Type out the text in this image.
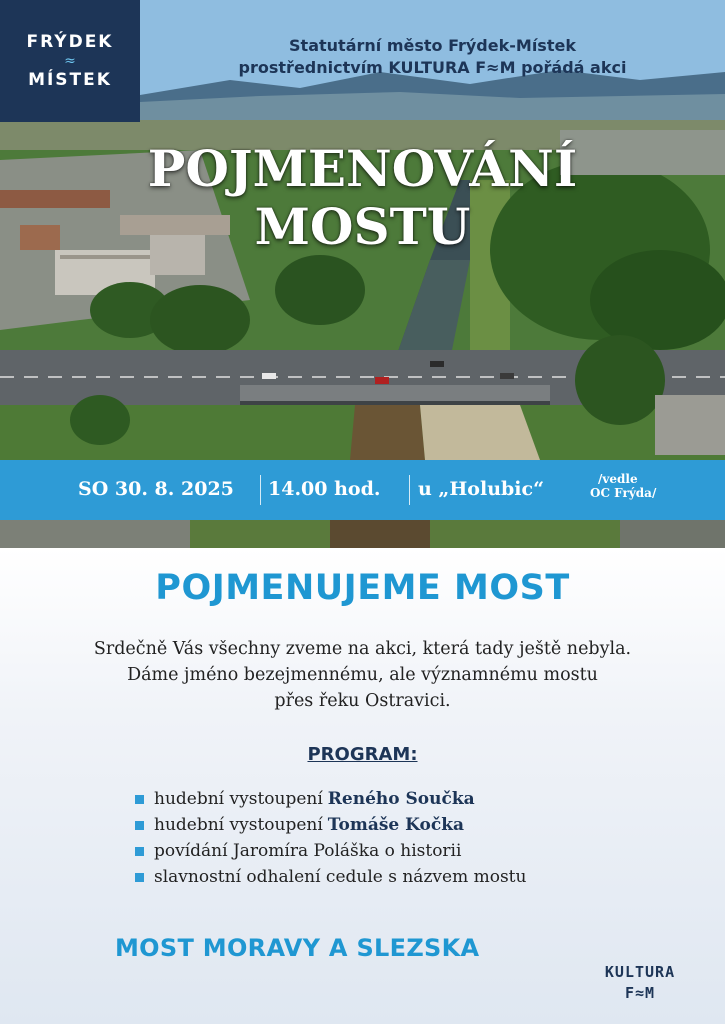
FRÝDEK
≈
MÍSTEK
Statutární město Frýdek-Místek
prostřednictvím KULTURA F≈M pořádá akci
POJMENOVÁNÍ
MOSTU
SO 30. 8. 2025 14.00 hod. u „Holubic“	/vedle
OC Frýda/
POJMENUJEME MOST
Srdečně Vás všechny zveme na akci, která tady ještě nebyla.
Dáme jméno bezejmennému, ale významnému mostu
přes řeku Ostravici.
PROGRAM:
hudební vystoupení Reného Součka
hudební vystoupení Tomáše Kočka
povídání Jaromíra Poláška o historii
slavnostní odhalení cedule s názvem mostu
MOST MORAVY A SLEZSKA
KULTURA
F≈M
